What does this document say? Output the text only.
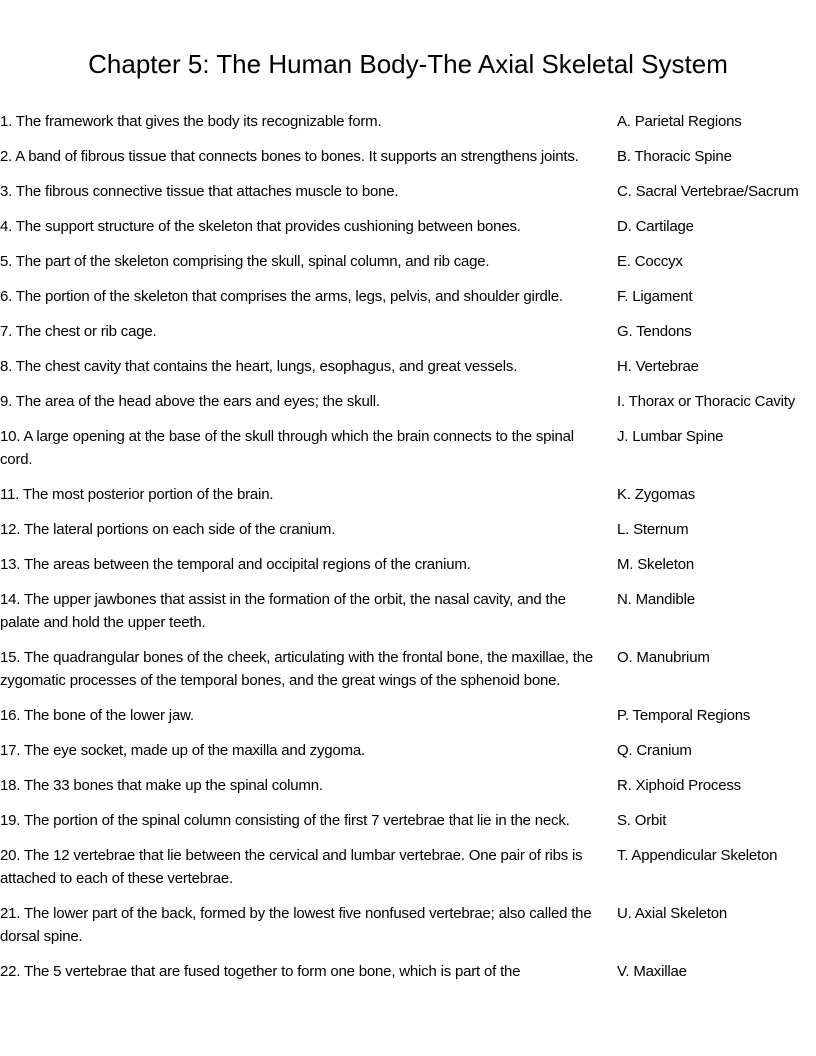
Chapter 5: The Human Body-The Axial Skeletal System
1. The framework that gives the body its recognizable form.	A. Parietal Regions
2. A band of fibrous tissue that connects bones to bones. It supports an strengthens joints.	B. Thoracic Spine
3. The fibrous connective tissue that attaches muscle to bone.	C. Sacral Vertebrae/Sacrum
4. The support structure of the skeleton that provides cushioning between bones.	D. Cartilage
5. The part of the skeleton comprising the skull, spinal column, and rib cage.	E. Coccyx
6. The portion of the skeleton that comprises the arms, legs, pelvis, and shoulder girdle.	F. Ligament
7. The chest or rib cage.	G. Tendons
8. The chest cavity that contains the heart, lungs, esophagus, and great vessels.	H. Vertebrae
9. The area of the head above the ears and eyes; the skull.	I. Thorax or Thoracic Cavity
10. A large opening at the base of the skull through which the brain connects to the spinal cord.
J. Lumbar Spine
11. The most posterior portion of the brain.	K. Zygomas
12. The lateral portions on each side of the cranium.	L. Sternum
13. The areas between the temporal and occipital regions of the cranium.	M. Skeleton
14. The upper jawbones that assist in the formation of the orbit, the nasal cavity, and the palate and hold the upper teeth.
N. Mandible
15. The quadrangular bones of the cheek, articulating with the frontal bone, the maxillae, the zygomatic processes of the temporal bones, and the great wings of the sphenoid bone.
O. Manubrium
16. The bone of the lower jaw.	P. Temporal Regions
17. The eye socket, made up of the maxilla and zygoma.	Q. Cranium
18. The 33 bones that make up the spinal column.	R. Xiphoid Process
19. The portion of the spinal column consisting of the first 7 vertebrae that lie in the neck.	S. Orbit
20. The 12 vertebrae that lie between the cervical and lumbar vertebrae. One pair of ribs is attached to each of these vertebrae.
T. Appendicular Skeleton
21. The lower part of the back, formed by the lowest five nonfused vertebrae; also called the dorsal spine.
U. Axial Skeleton
22. The 5 vertebrae that are fused together to form one bone, which is part of the	V. Maxillae
